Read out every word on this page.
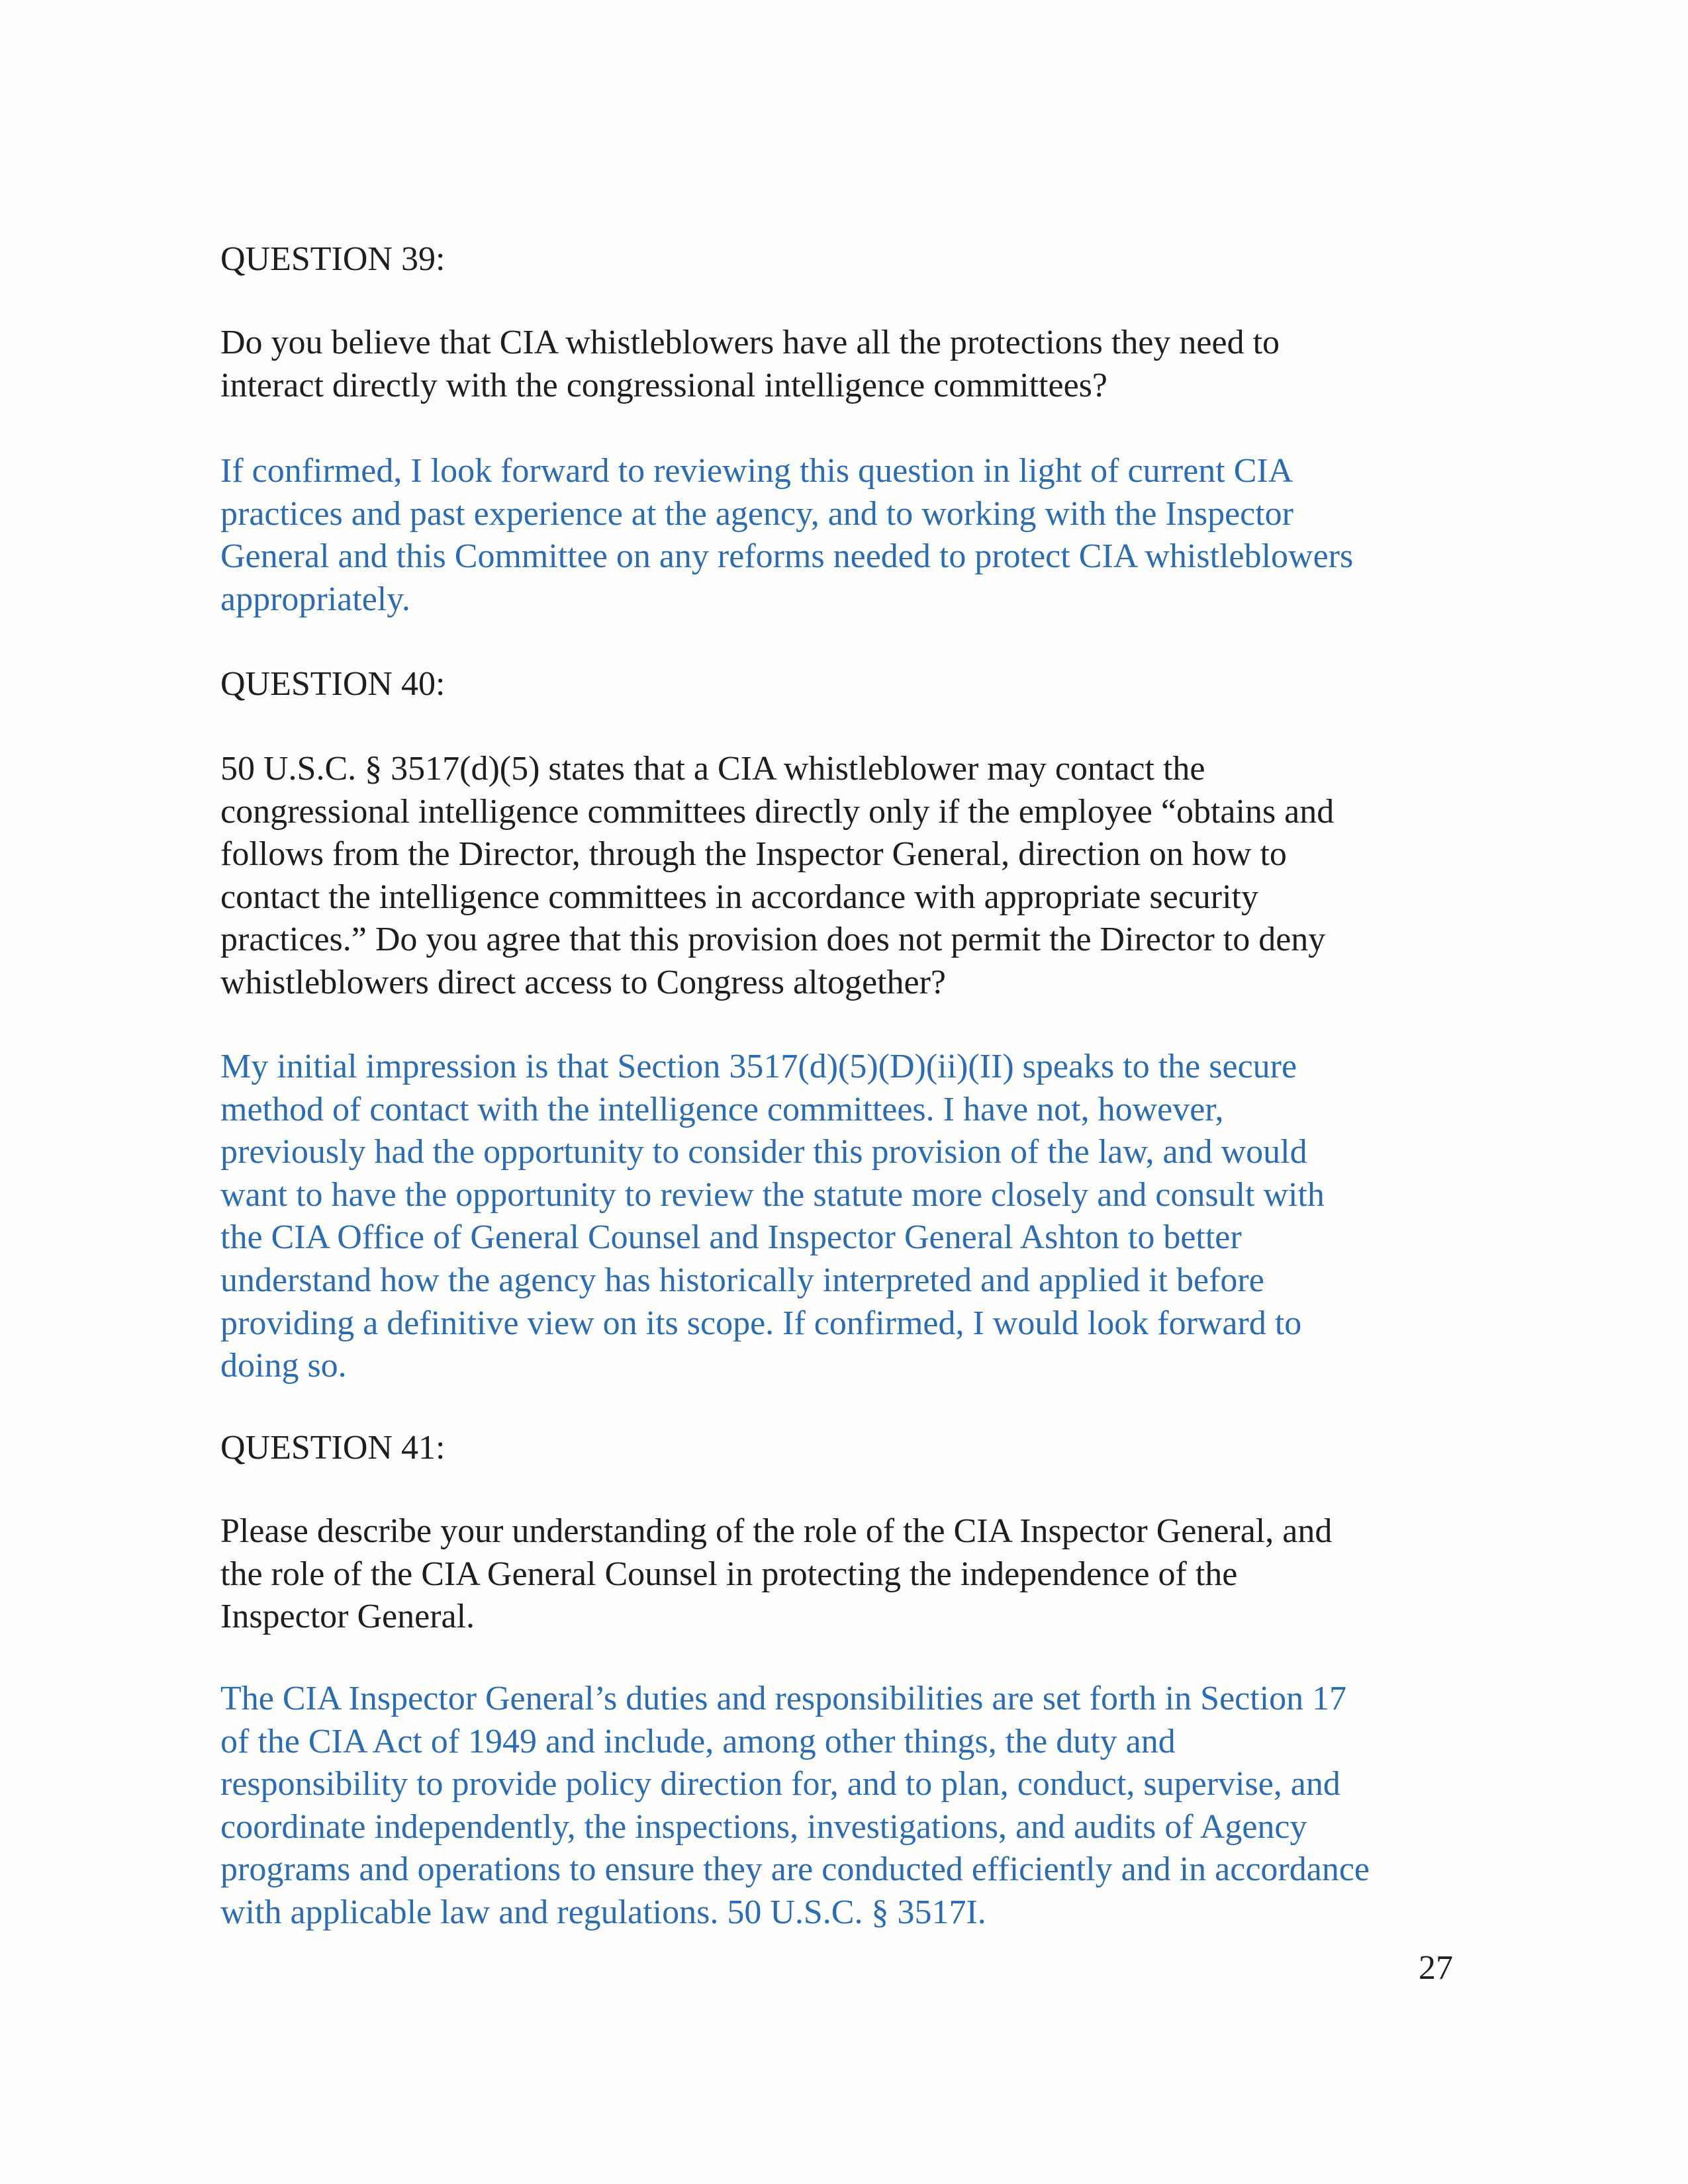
QUESTION 39:
Do you believe that CIA whistleblowers have all the protections they need to
interact directly with the congressional intelligence committees?
If confirmed, I look forward to reviewing this question in light of current CIA
practices and past experience at the agency, and to working with the Inspector
General and this Committee on any reforms needed to protect CIA whistleblowers
appropriately.
QUESTION 40:
50 U.S.C. § 3517(d)(5) states that a CIA whistleblower may contact the
congressional intelligence committees directly only if the employee “obtains and
follows from the Director, through the Inspector General, direction on how to
contact the intelligence committees in accordance with appropriate security
practices.” Do you agree that this provision does not permit the Director to deny
whistleblowers direct access to Congress altogether?
My initial impression is that Section 3517(d)(5)(D)(ii)(II) speaks to the secure
method of contact with the intelligence committees. I have not, however,
previously had the opportunity to consider this provision of the law, and would
want to have the opportunity to review the statute more closely and consult with
the CIA Office of General Counsel and Inspector General Ashton to better
understand how the agency has historically interpreted and applied it before
providing a definitive view on its scope. If confirmed, I would look forward to
doing so.
QUESTION 41:
Please describe your understanding of the role of the CIA Inspector General, and
the role of the CIA General Counsel in protecting the independence of the
Inspector General.
The CIA Inspector General’s duties and responsibilities are set forth in Section 17
of the CIA Act of 1949 and include, among other things, the duty and
responsibility to provide policy direction for, and to plan, conduct, supervise, and
coordinate independently, the inspections, investigations, and audits of Agency
programs and operations to ensure they are conducted efficiently and in accordance
with applicable law and regulations. 50 U.S.C. § 3517I.
27
